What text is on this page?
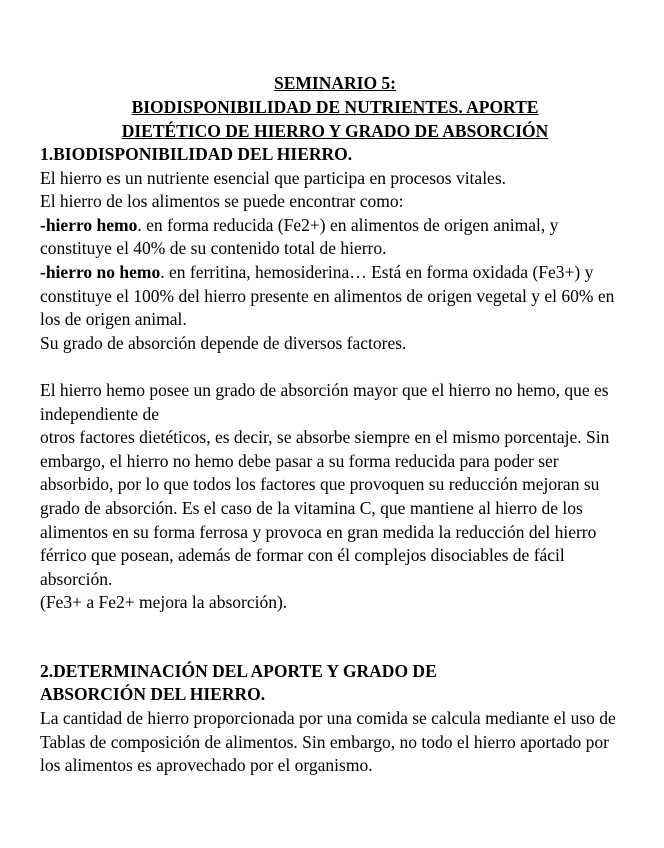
SEMINARIO 5:
BIODISPONIBILIDAD DE NUTRIENTES. APORTE
DIETÉTICO DE HIERRO Y GRADO DE ABSORCIÓN
1.BIODISPONIBILIDAD DEL HIERRO.

El hierro es un nutriente esencial que participa en procesos vitales.

El hierro de los alimentos se puede encontrar como:

-hierro hemo. en forma reducida (Fe2+) en alimentos de origen animal, y constituye el 40% de su contenido total de hierro.

-hierro no hemo. en ferritina, hemosiderina… Está en forma oxidada (Fe3+) y constituye el 100% del hierro presente en alimentos de origen vegetal y el 60% en los de origen animal.

Su grado de absorción depende de diversos factores.

El hierro hemo posee un grado de absorción mayor que el hierro no hemo, que es independiente de

otros factores dietéticos, es decir, se absorbe siempre en el mismo porcentaje. Sin embargo, el hierro no hemo debe pasar a su forma reducida para poder ser absorbido, por lo que todos los factores que provoquen su reducción mejoran su grado de absorción. Es el caso de la vitamina C, que mantiene al hierro de los alimentos en su forma ferrosa y provoca en gran medida la reducción del hierro férrico que posean, además de formar con él complejos disociables de fácil absorción.

(Fe3+ a Fe2+ mejora la absorción).

2.DETERMINACIÓN DEL APORTE Y GRADO DE
ABSORCIÓN DEL HIERRO.

La cantidad de hierro proporcionada por una comida se calcula mediante el uso de Tablas de composición de alimentos. Sin embargo, no todo el hierro aportado por los alimentos es aprovechado por el organismo.
